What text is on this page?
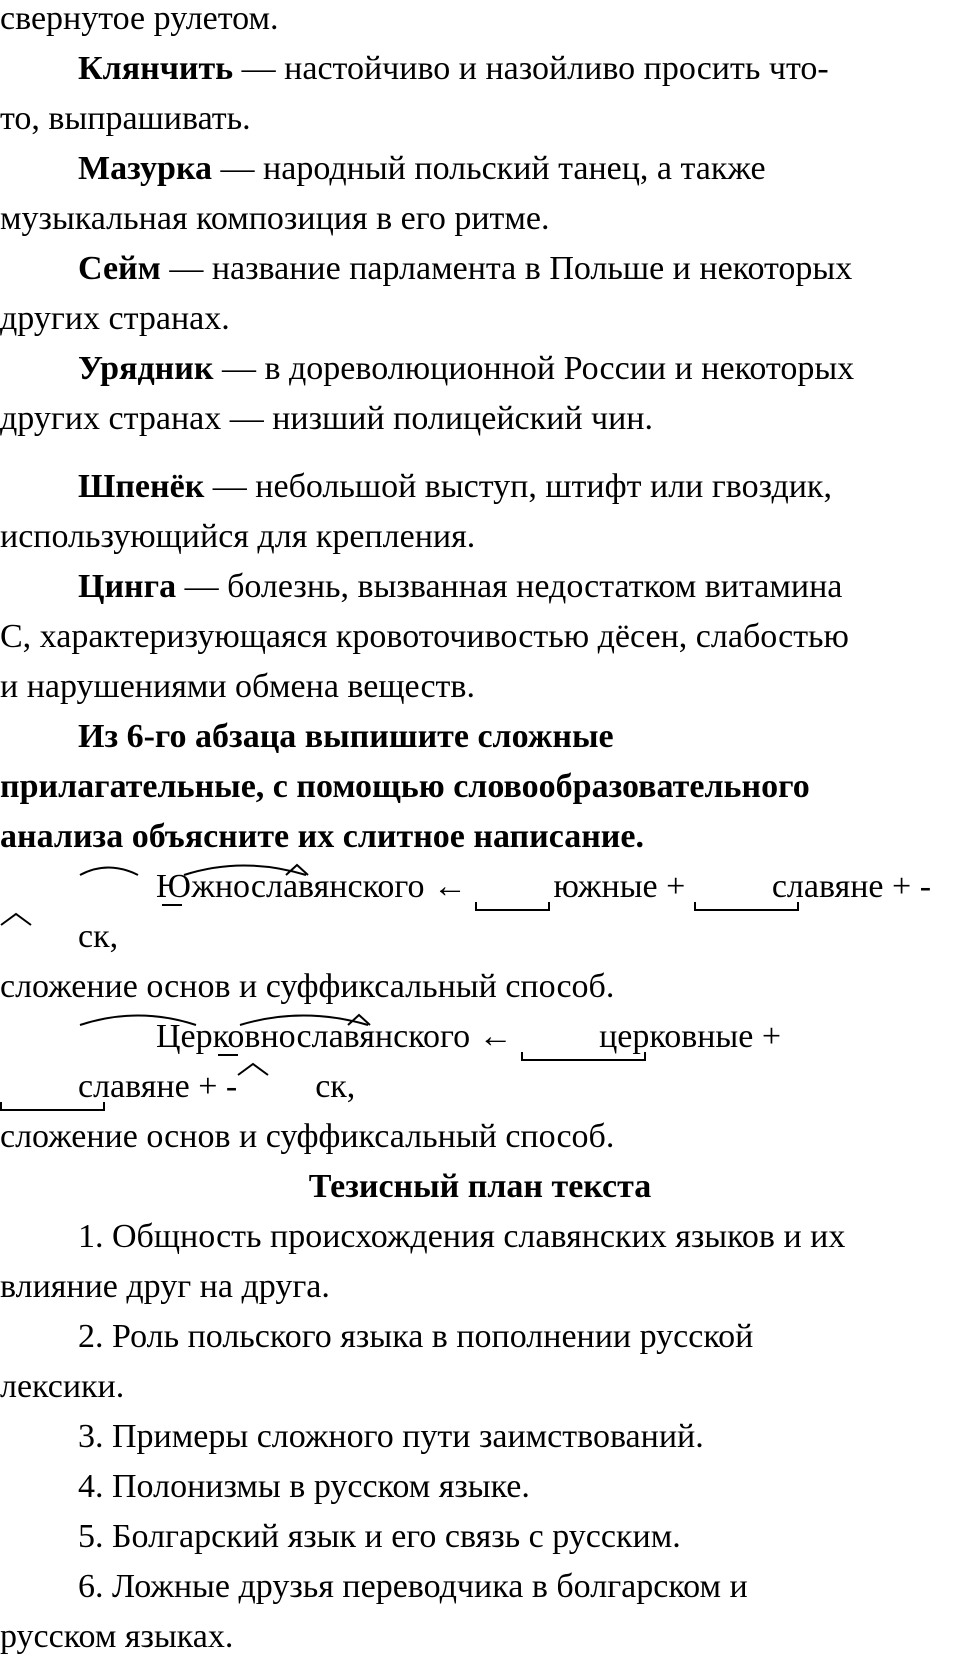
свернутое рулетом.

Клянчить — настойчиво и назойливо просить что-

то, выпрашивать.

Мазурка — народный польский танец, а также

музыкальная композиция в его ритме.

Сейм — название парламента в Польше и некоторых

других странах.

Урядник — в дореволюционной России и некоторых

других странах — низший полицейский чин.

Шпенёк — небольшой выступ, штифт или гвоздик,

использующийся для крепления.

Цинга — болезнь, вызванная недостатком витамина

С, характеризующаяся кровоточивостью дёсен, слабостью

и нарушениями обмена веществ.

Из 6-го абзаца выпишите сложные

прилагательные, с помощью словообразовательного

анализа объясните их слитное написание.

Южнославянского
← южные
+ славяне
+ -ск
,

сложение основ и суффиксальный способ.

Церковнославянского
← церковные
+ славяне
+ - ск
,

сложение основ и суффиксальный способ.

Тезисный план текста

1. Общность происхождения славянских языков и их

влияние друг на друга.

2. Роль польского языка в пополнении русской

лексики.

3. Примеры сложного пути заимствований.

4. Полонизмы в русском языке.

5. Болгарский язык и его связь с русским.

6. Ложные друзья переводчика в болгарском и

русском языках.
